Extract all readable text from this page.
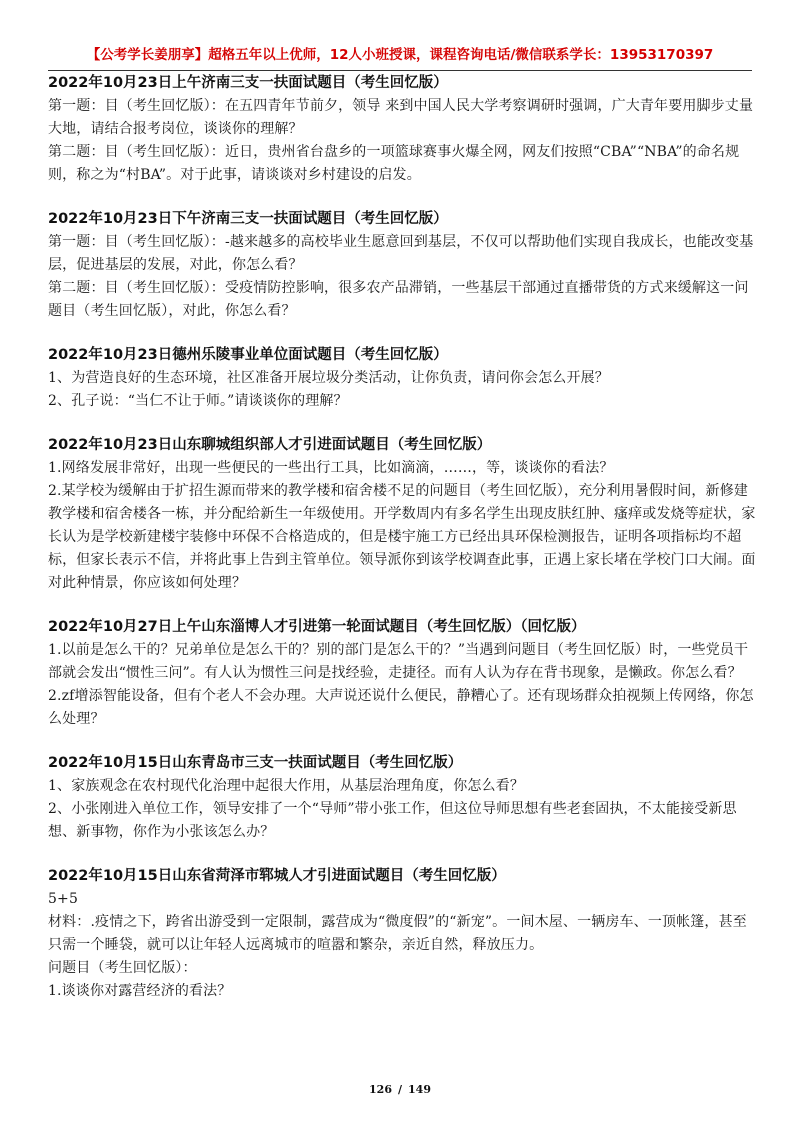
【公考学长姜朋享】超格五年以上优师，12人小班授课，课程咨询电话/微信联系学长：13953170397

2022年10月23日上午济南三支一扶面试题目（考生回忆版）

第一题：目（考生回忆版）：在五四青年节前夕，领导 来到中国人民大学考察调研时强调，广大青年要用脚步丈量大地，请结合报考岗位，谈谈你的理解？

第二题：目（考生回忆版）：近日，贵州省台盘乡的一项篮球赛事火爆全网，网友们按照“CBA”“NBA”的命名规则，称之为“村BA”。对于此事，请谈谈对乡村建设的启发。

2022年10月23日下午济南三支一扶面试题目（考生回忆版）

第一题：目（考生回忆版）：-越来越多的高校毕业生愿意回到基层，不仅可以帮助他们实现自我成长，也能改变基层，促进基层的发展，对此，你怎么看？

第二题：目（考生回忆版）：受疫情防控影响，很多农产品滞销，一些基层干部通过直播带货的方式来缓解这一问题目（考生回忆版），对此，你怎么看？

2022年10月23日德州乐陵事业单位面试题目（考生回忆版）

1、为营造良好的生态环境，社区准备开展垃圾分类活动，让你负责，请问你会怎么开展？

2、孔子说：“当仁不让于师。”请谈谈你的理解？

2022年10月23日山东聊城组织部人才引进面试题目（考生回忆版）

1.网络发展非常好，出现一些便民的一些出行工具，比如滴滴，……，等，谈谈你的看法？

2.某学校为缓解由于扩招生源而带来的教学楼和宿舍楼不足的问题目（考生回忆版），充分利用暑假时间，新修建教学楼和宿舍楼各一栋，并分配给新生一年级使用。开学数周内有多名学生出现皮肤红肿、瘙痒或发烧等症状，家长认为是学校新建楼宇装修中环保不合格造成的，但是楼宇施工方已经出具环保检测报告，证明各项指标均不超标，但家长表示不信，并将此事上告到主管单位。领导派你到该学校调查此事，正遇上家长堵在学校门口大闹。面对此种情景，你应该如何处理？

2022年10月27日上午山东淄博人才引进第一轮面试题目（考生回忆版）（回忆版）

1.以前是怎么干的？兄弟单位是怎么干的？别的部门是怎么干的？”当遇到问题目（考生回忆版）时，一些党员干部就会发出“惯性三问”。有人认为惯性三问是找经验，走捷径。而有人认为存在背书现象，是懒政。你怎么看？

2.zf增添智能设备，但有个老人不会办理。大声说还说什么便民，静糟心了。还有现场群众拍视频上传网络，你怎么处理？

2022年10月15日山东青岛市三支一扶面试题目（考生回忆版）

1、家族观念在农村现代化治理中起很大作用，从基层治理角度，你怎么看？

2、小张刚进入单位工作，领导安排了一个“导师”带小张工作，但这位导师思想有些老套固执，不太能接受新思想、新事物，你作为小张该怎么办？

2022年10月15日山东省菏泽市郓城人才引进面试题目（考生回忆版）

5+5

材料：.疫情之下，跨省出游受到一定限制，露营成为“微度假”的“新宠”。一间木屋、一辆房车、一顶帐篷，甚至只需一个睡袋，就可以让年轻人远离城市的喧嚣和繁杂，亲近自然，释放压力。

问题目（考生回忆版）：

1.谈谈你对露营经济的看法？

126 / 149
